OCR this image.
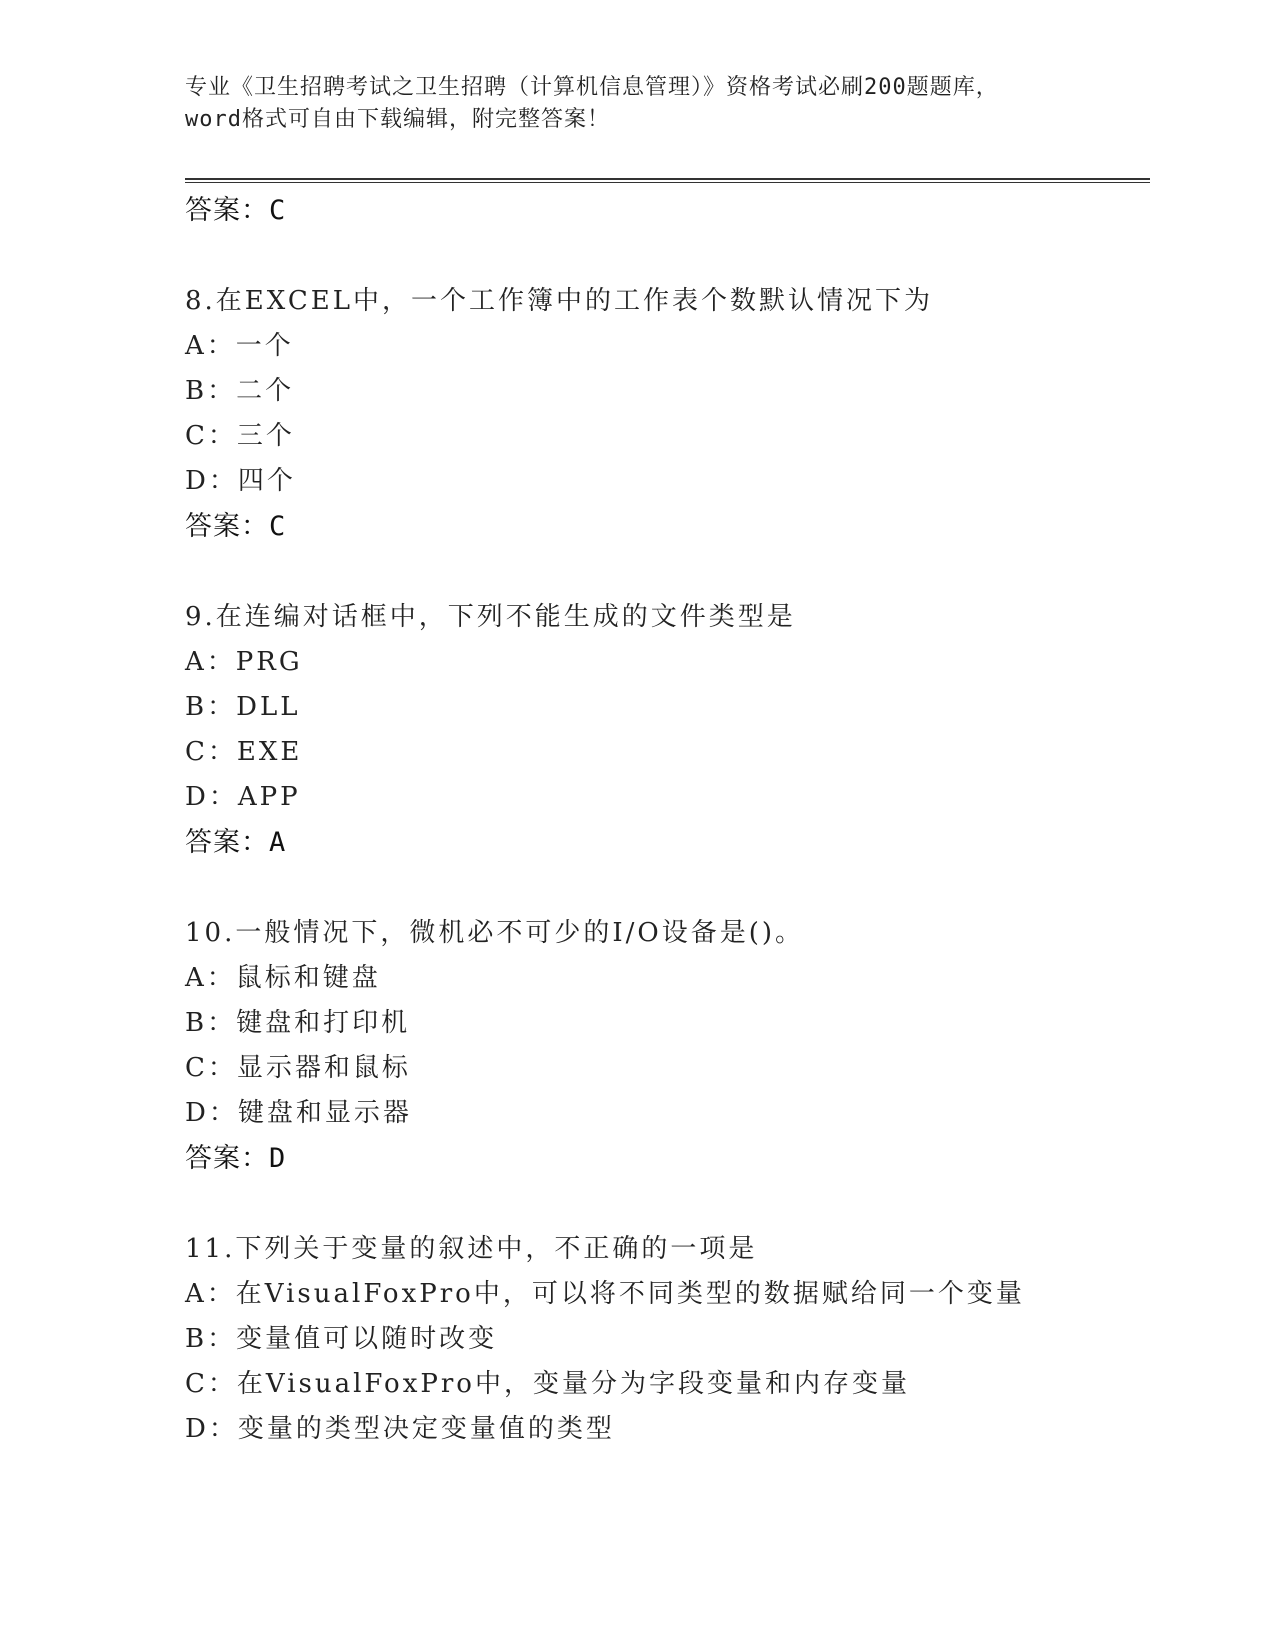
专业《卫生招聘考试之卫生招聘（计算机信息管理）》资格考试必刷200题题库，
word格式可自由下载编辑，附完整答案！
答案：C
8.在EXCEL中，一个工作簿中的工作表个数默认情况下为
A：一个
B：二个
C：三个
D：四个
答案：C
9.在连编对话框中，下列不能生成的文件类型是
A：PRG
B：DLL
C：EXE
D：APP
答案：A
10.一般情况下，微机必不可少的I/O设备是()。
A：鼠标和键盘
B：键盘和打印机
C：显示器和鼠标
D：键盘和显示器
答案：D
11.下列关于变量的叙述中，不正确的一项是
A：在VisualFoxPro中，可以将不同类型的数据赋给同一个变量
B：变量值可以随时改变
C：在VisualFoxPro中，变量分为字段变量和内存变量
D：变量的类型决定变量值的类型
